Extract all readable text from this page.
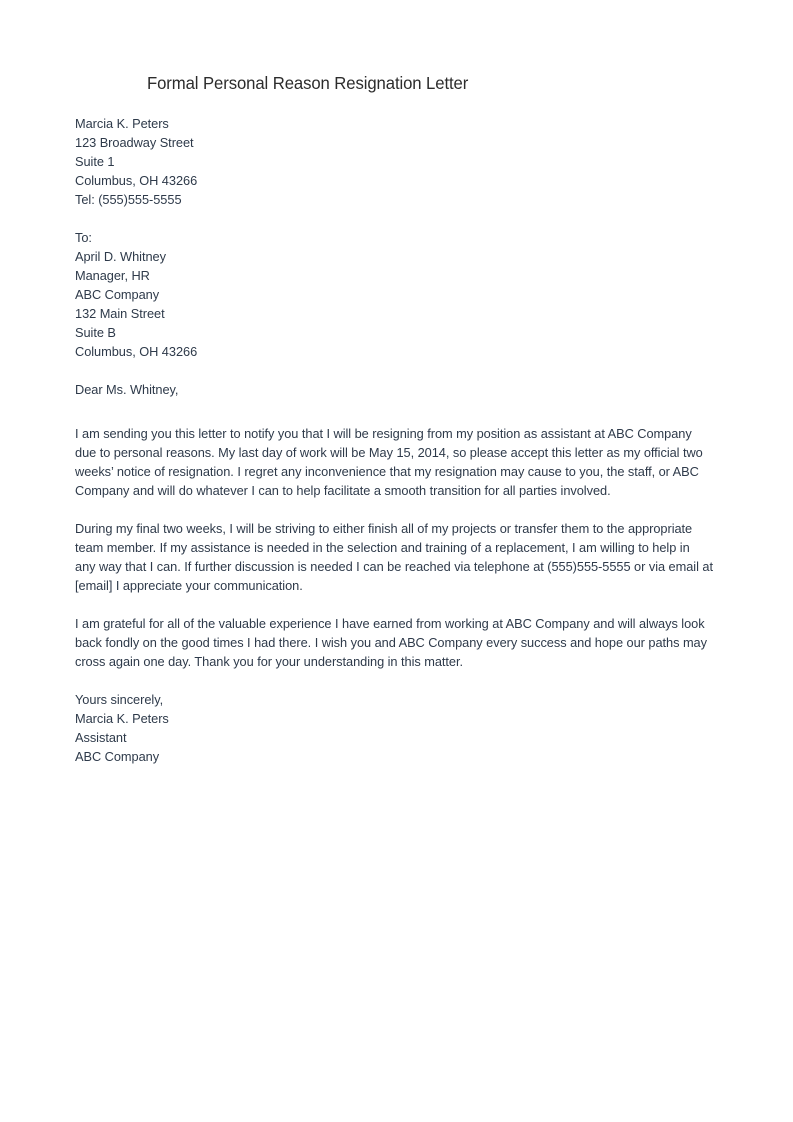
Formal Personal Reason Resignation Letter
Marcia K. Peters
123 Broadway Street
Suite 1
Columbus, OH 43266
Tel: (555)555-5555
To:
April D. Whitney
Manager, HR
ABC Company
132 Main Street
Suite B
Columbus, OH 43266
Dear Ms. Whitney,

I am sending you this letter to notify you that I will be resigning from my position as assistant at ABC Company due to personal reasons. My last day of work will be May 15, 2014, so please accept this letter as my official two weeks’ notice of resignation. I regret any inconvenience that my resignation may cause to you, the staff, or ABC Company and will do whatever I can to help facilitate a smooth transition for all parties involved.

During my final two weeks, I will be striving to either finish all of my projects or transfer them to the appropriate team member. If my assistance is needed in the selection and training of a replacement, I am willing to help in any way that I can. If further discussion is needed I can be reached via telephone at (555)555-5555 or via email at [email] I appreciate your communication.

I am grateful for all of the valuable experience I have earned from working at ABC Company and will always look back fondly on the good times I had there. I wish you and ABC Company every success and hope our paths may cross again one day. Thank you for your understanding in this matter.

Yours sincerely,
Marcia K. Peters
Assistant
ABC Company
